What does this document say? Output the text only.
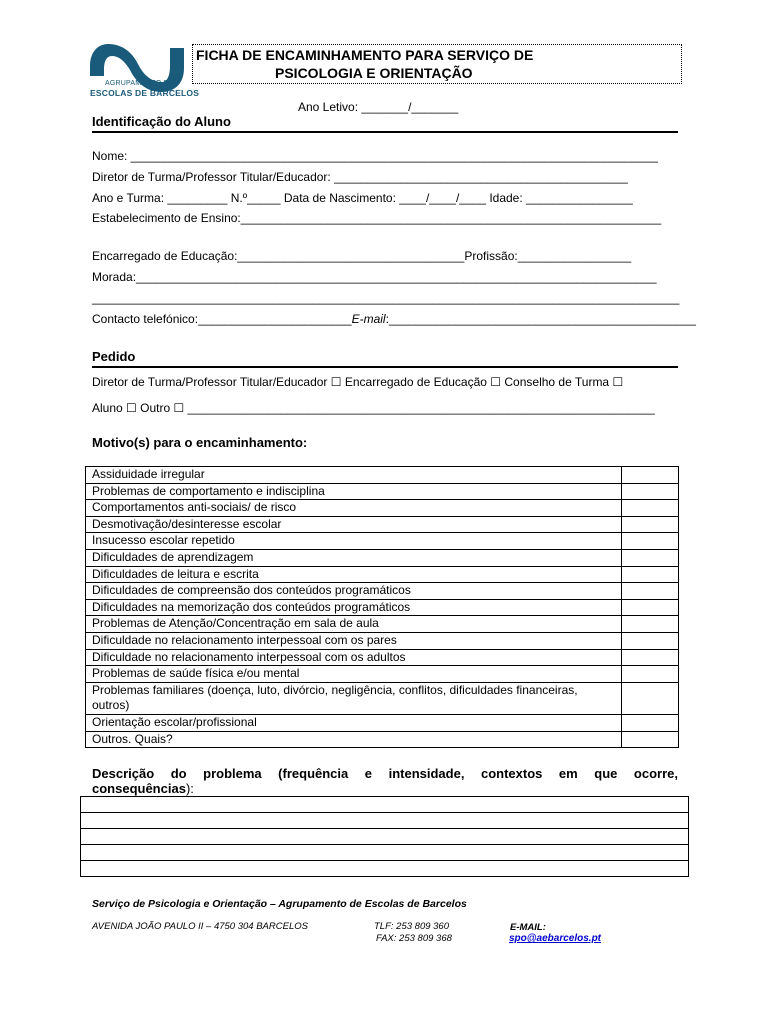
AGRUPAMENTO DE
ESCOLAS DE BARCELOS
FICHA DE ENCAMINHAMENTO PARA SERVIÇO DE
PSICOLOGIA E ORIENTAÇÃO
Ano Letivo: _______/_______
Identificação do Aluno
Nome: _______________________________________________________________________________
Diretor de Turma/Professor Titular/Educador: ____________________________________________
Ano e Turma: _________ N.º_____ Data de Nascimento: ____/____/____ Idade: ________________
Estabelecimento de Ensino:_______________________________________________________________
Encarregado de Educação:__________________________________Profissão:_________________
Morada:______________________________________________________________________________
________________________________________________________________________________________
Contacto telefónico:_______________________E-mail:______________________________________________
Pedido
Diretor de Turma/Professor Titular/Educador ☐ Encarregado de Educação ☐ Conselho de Turma ☐
Aluno ☐ Outro ☐ ______________________________________________________________________
Motivo(s) para o encaminhamento:
Assiduidade irregular	
Problemas de comportamento e indisciplina	
Comportamentos anti-sociais/ de risco	
Desmotivação/desinteresse escolar	
Insucesso escolar repetido	
Dificuldades de aprendizagem	
Dificuldades de leitura e escrita	
Dificuldades de compreensão dos conteúdos programáticos	
Dificuldades na memorização dos conteúdos programáticos	
Problemas de Atenção/Concentração em sala de aula	
Dificuldade no relacionamento interpessoal com os pares	
Dificuldade no relacionamento interpessoal com os adultos	
Problemas de saúde física e/ou mental	
Problemas familiares (doença, luto, divórcio, negligência, conflitos, dificuldades financeiras, outros)	
Orientação escolar/profissional	
Outros. Quais?	
Descrição do problema (frequência e intensidade, contextos em que ocorre,
consequências):

Serviço de Psicologia e Orientação – Agrupamento de Escolas de Barcelos
AVENIDA JOÃO PAULO II – 4750 304 BARCELOS	TLF: 253 809 360
FAX: 253 809 368
E-MAIL:
spo@aebarcelos.pt
